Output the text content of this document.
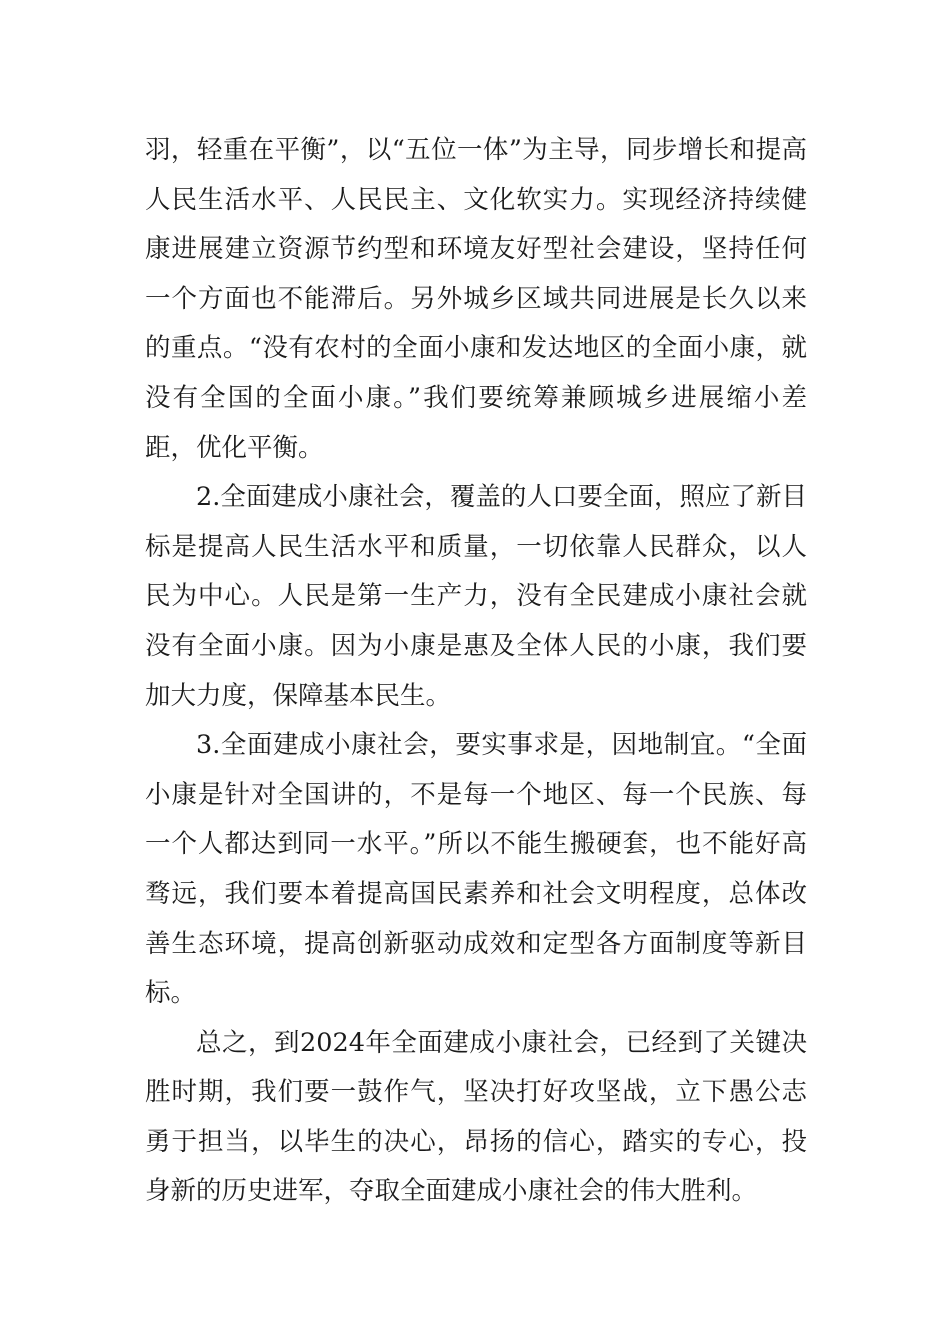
羽，轻重在平衡”，以“五位一体”为主导，同步增长和提高人民生活水平、人民民主、文化软实力。实现经济持续健康进展建立资源节约型和环境友好型社会建设，坚持任何一个方面也不能滞后。另外城乡区域共同进展是长久以来的重点。“没有农村的全面小康和发达地区的全面小康，就没有全国的全面小康。”我们要统筹兼顾城乡进展缩小差距，优化平衡。

2.全面建成小康社会，覆盖的人口要全面，照应了新目标是提高人民生活水平和质量，一切依靠人民群众，以人民为中心。人民是第一生产力，没有全民建成小康社会就没有全面小康。因为小康是惠及全体人民的小康，我们要加大力度，保障基本民生。

3.全面建成小康社会，要实事求是，因地制宜。“全面小康是针对全国讲的，不是每一个地区、每一个民族、每一个人都达到同一水平。”所以不能生搬硬套，也不能好高骛远，我们要本着提高国民素养和社会文明程度，总体改善生态环境，提高创新驱动成效和定型各方面制度等新目标。

总之，到2024年全面建成小康社会，已经到了关键决胜时期，我们要一鼓作气，坚决打好攻坚战，立下愚公志勇于担当，以毕生的决心，昂扬的信心，踏实的专心，投身新的历史进军，夺取全面建成小康社会的伟大胜利。
